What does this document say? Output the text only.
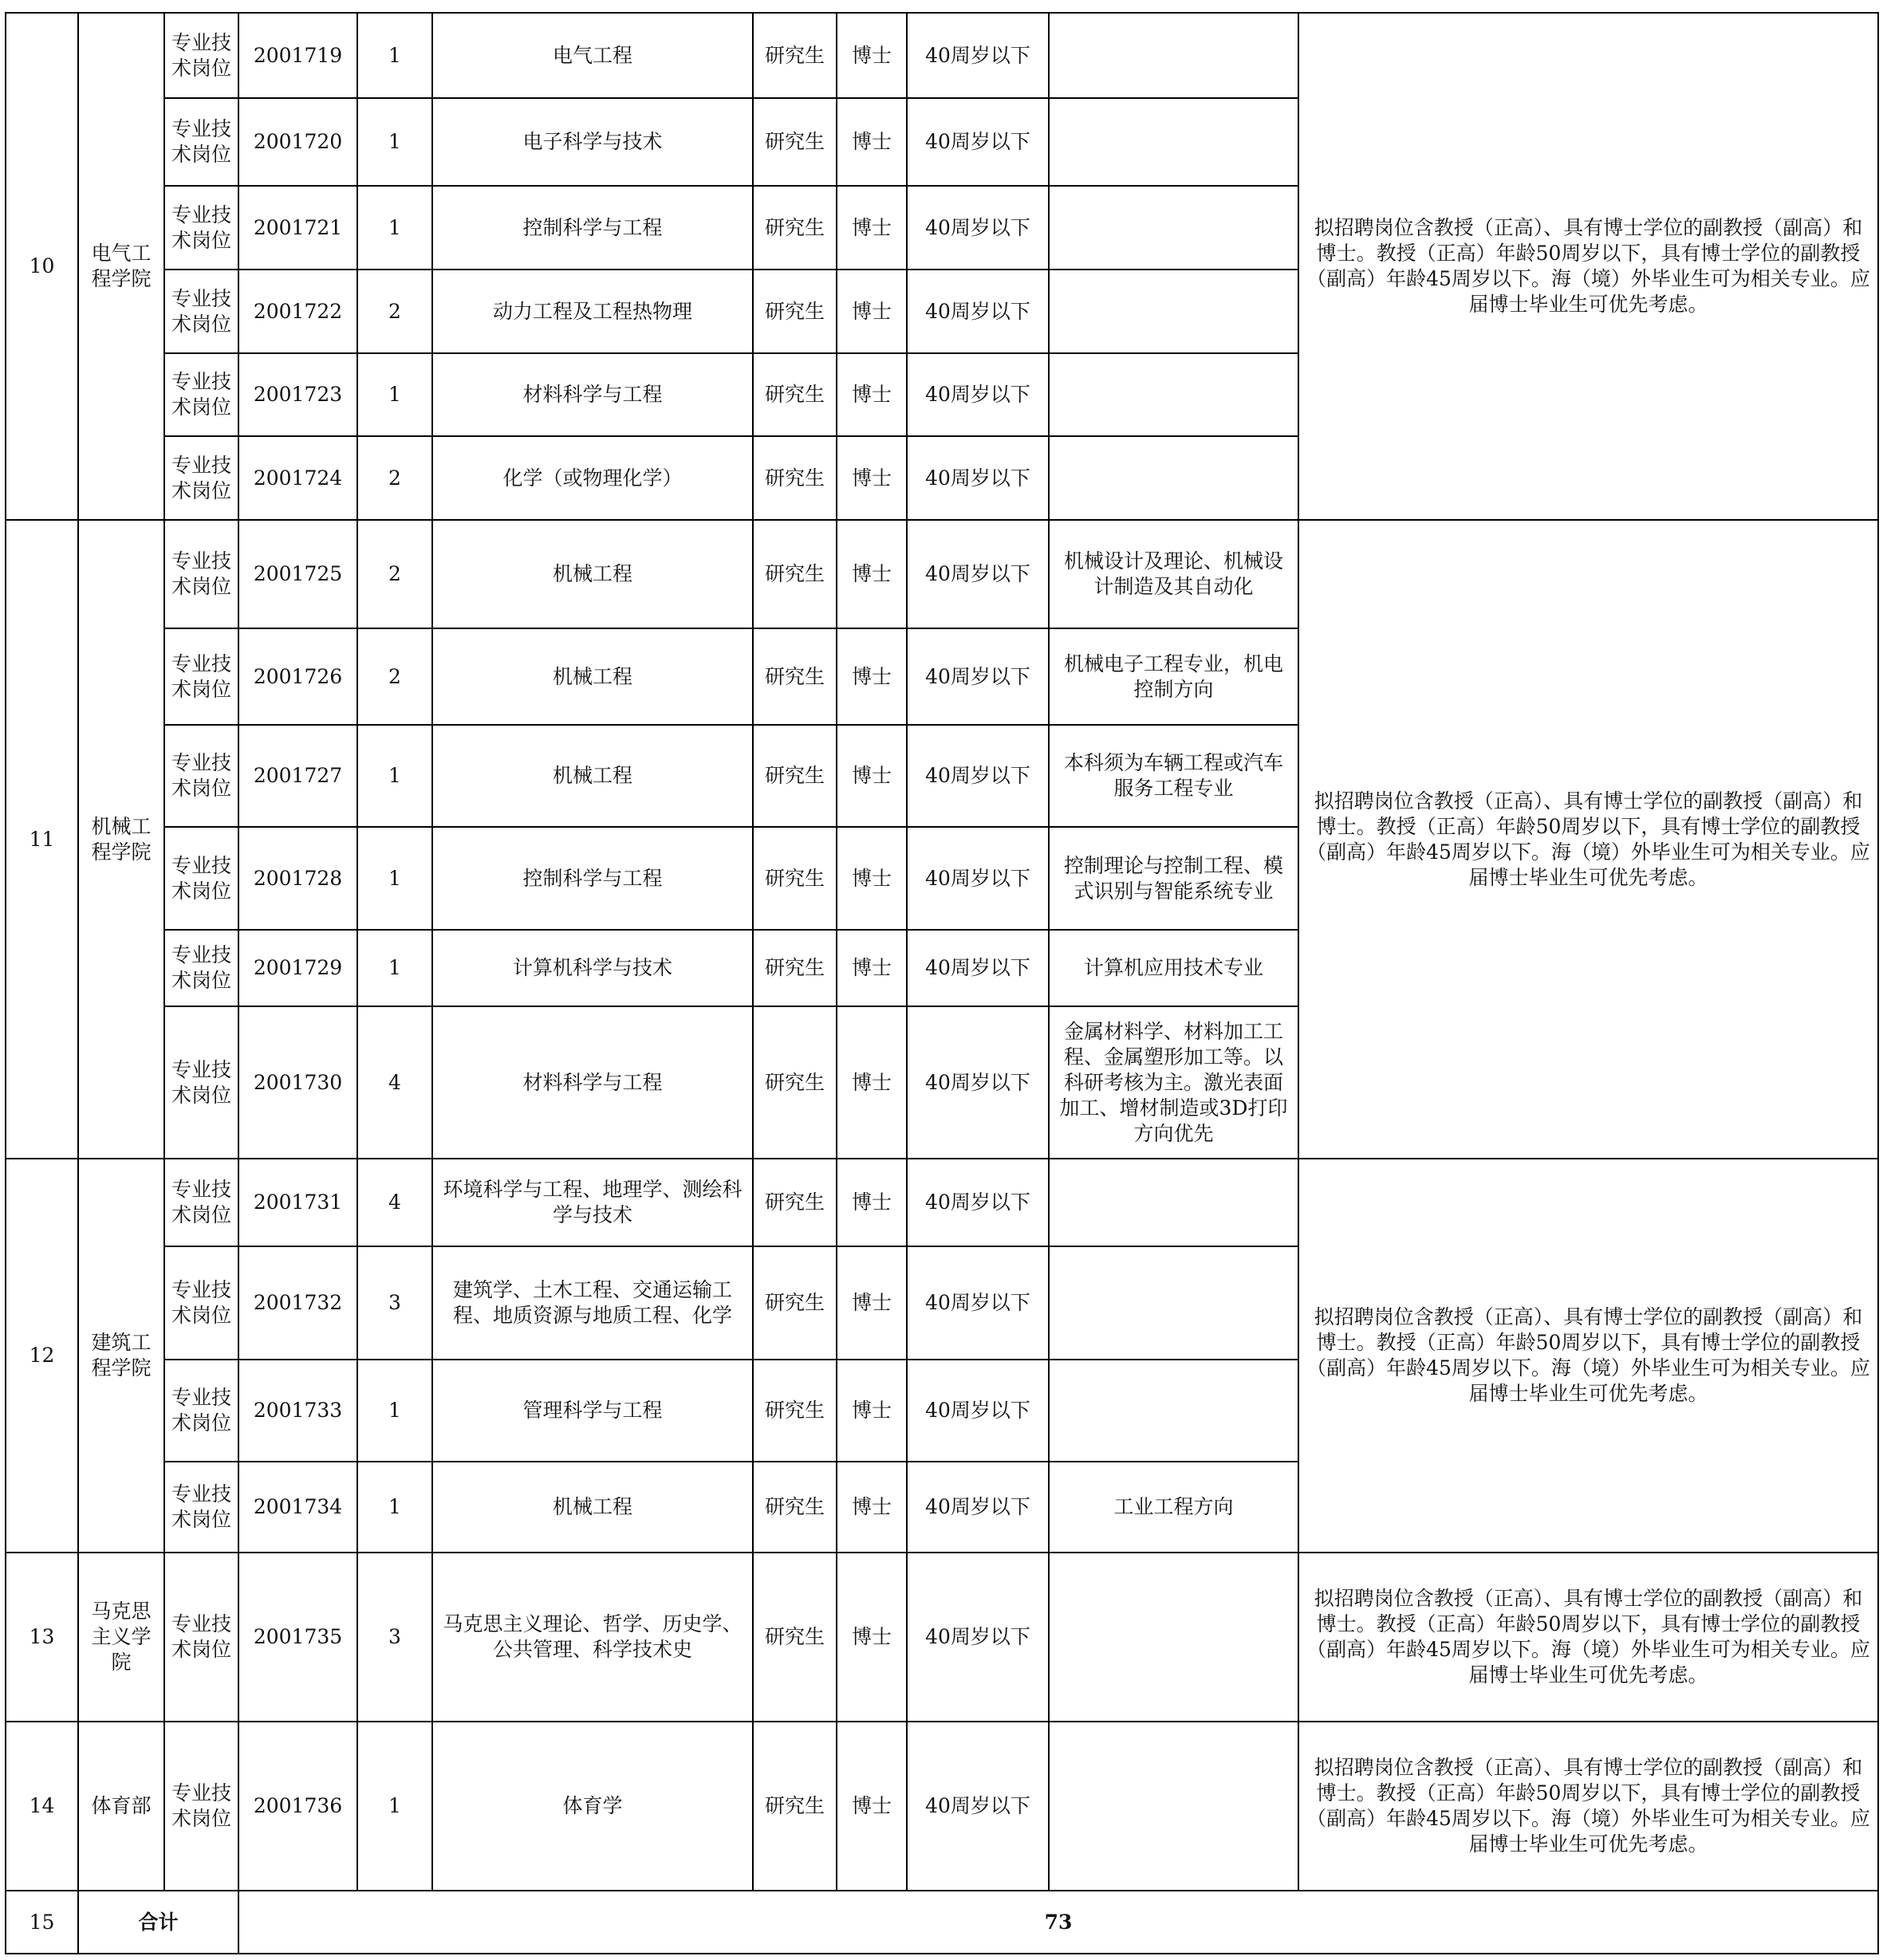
10	电气工程学院	专业技术岗位	2001719	1	电气工程	研究生	博士	40周岁以下		拟招聘岗位含教授（正高）、具有博士学位的副教授（副高）和博士。教授（正高）年龄50周岁以下，具有博士学位的副教授（副高）年龄45周岁以下。海（境）外毕业生可为相关专业。应届博士毕业生可优先考虑。
		专业技术岗位	2001720	1	电子科学与技术	研究生	博士	40周岁以下		
		专业技术岗位	2001721	1	控制科学与工程	研究生	博士	40周岁以下		
		专业技术岗位	2001722	2	动力工程及工程热物理	研究生	博士	40周岁以下		
		专业技术岗位	2001723	1	材料科学与工程	研究生	博士	40周岁以下		
		专业技术岗位	2001724	2	化学（或物理化学）	研究生	博士	40周岁以下		
11	机械工程学院	专业技术岗位	2001725	2	机械工程	研究生	博士	40周岁以下	机械设计及理论、机械设计制造及其自动化	拟招聘岗位含教授（正高）、具有博士学位的副教授（副高）和博士。教授（正高）年龄50周岁以下，具有博士学位的副教授（副高）年龄45周岁以下。海（境）外毕业生可为相关专业。应届博士毕业生可优先考虑。
		专业技术岗位	2001726	2	机械工程	研究生	博士	40周岁以下	机械电子工程专业，机电控制方向	
		专业技术岗位	2001727	1	机械工程	研究生	博士	40周岁以下	本科须为车辆工程或汽车服务工程专业	
		专业技术岗位	2001728	1	控制科学与工程	研究生	博士	40周岁以下	控制理论与控制工程、模式识别与智能系统专业	
		专业技术岗位	2001729	1	计算机科学与技术	研究生	博士	40周岁以下	计算机应用技术专业	
		专业技术岗位	2001730	4	材料科学与工程	研究生	博士	40周岁以下	金属材料学、材料加工工程、金属塑形加工等。以科研考核为主。激光表面加工、增材制造或3D打印方向优先	
12	建筑工程学院	专业技术岗位	2001731	4	环境科学与工程、地理学、测绘科学与技术	研究生	博士	40周岁以下		拟招聘岗位含教授（正高）、具有博士学位的副教授（副高）和博士。教授（正高）年龄50周岁以下，具有博士学位的副教授（副高）年龄45周岁以下。海（境）外毕业生可为相关专业。应届博士毕业生可优先考虑。
		专业技术岗位	2001732	3	建筑学、土木工程、交通运输工程、地质资源与地质工程、化学	研究生	博士	40周岁以下		
		专业技术岗位	2001733	1	管理科学与工程	研究生	博士	40周岁以下		
		专业技术岗位	2001734	1	机械工程	研究生	博士	40周岁以下	工业工程方向	
13	马克思主义学院	专业技术岗位	2001735	3	马克思主义理论、哲学、历史学、公共管理、科学技术史	研究生	博士	40周岁以下		拟招聘岗位含教授（正高）、具有博士学位的副教授（副高）和博士。教授（正高）年龄50周岁以下，具有博士学位的副教授（副高）年龄45周岁以下。海（境）外毕业生可为相关专业。应届博士毕业生可优先考虑。
14	体育部	专业技术岗位	2001736	1	体育学	研究生	博士	40周岁以下		拟招聘岗位含教授（正高）、具有博士学位的副教授（副高）和博士。教授（正高）年龄50周岁以下，具有博士学位的副教授（副高）年龄45周岁以下。海（境）外毕业生可为相关专业。应届博士毕业生可优先考虑。
15	合计		73							
